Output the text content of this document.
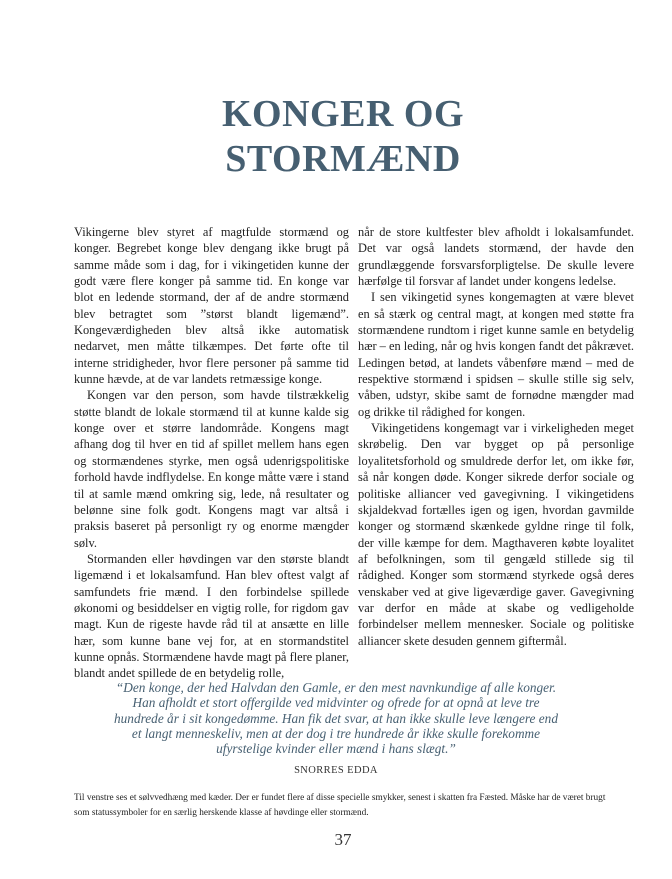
KONGER OG
STORMÆND

Vikingerne blev styret af magtfulde stormænd og konger. Begrebet konge blev dengang ikke brugt på samme måde som i dag, for i vikingetiden kunne der godt være flere konger på samme tid. En konge var blot en ledende stormand, der af de andre stormænd blev betragtet som ”størst blandt ligemænd”. Kongeværdigheden blev altså ikke automatisk nedarvet, men måtte tilkæmpes. Det førte ofte til interne stridigheder, hvor flere personer på samme tid kunne hævde, at de var landets retmæssige konge.

Kongen var den person, som havde tilstrækkelig støtte blandt de lokale stormænd til at kunne kalde sig konge over et større landområde. Kongens magt afhang dog til hver en tid af spillet mellem hans egen og stormændenes styrke, men også udenrigspolitiske forhold havde indflydelse. En konge måtte være i stand til at samle mænd omkring sig, lede, nå resultater og belønne sine folk godt. Kongens magt var altså i praksis baseret på personligt ry og enorme mængder sølv.

Stormanden eller høvdingen var den største blandt ligemænd i et lokalsamfund. Han blev oftest valgt af samfundets frie mænd. I den forbindelse spillede økonomi og besiddelser en vigtig rolle, for rigdom gav magt. Kun de rigeste havde råd til at ansætte en lille hær, som kunne bane vej for, at en stormandstitel kunne opnås. Stormændene havde magt på flere planer, blandt andet spillede de en betydelig rolle,

når de store kultfester blev afholdt i lokalsamfundet. Det var også landets stormænd, der havde den grundlæggende forsvarsforpligtelse. De skulle levere hærfølge til forsvar af landet under kongens ledelse.

I sen vikingetid synes kongemagten at være blevet en så stærk og central magt, at kongen med støtte fra stormændene rundtom i riget kunne samle en betydelig hær – en leding, når og hvis kongen fandt det påkrævet. Ledingen betød, at landets våbenføre mænd – med de respektive stormænd i spidsen – skulle stille sig selv, våben, udstyr, skibe samt de fornødne mængder mad og drikke til rådighed for kongen.

Vikingetidens kongemagt var i virkeligheden meget skrøbelig. Den var bygget op på personlige loyalitetsforhold og smuldrede derfor let, om ikke før, så når kongen døde. Konger sikrede derfor sociale og politiske alliancer ved gavegivning. I vikingetidens skjaldekvad fortælles igen og igen, hvordan gavmilde konger og stormænd skænkede gyldne ringe til folk, der ville kæmpe for dem. Magthaveren købte loyalitet af befolkningen, som til gengæld stillede sig til rådighed. Konger som stormænd styrkede også deres venskaber ved at give ligeværdige gaver. Gavegivning var derfor en måde at skabe og vedligeholde forbindelser mellem mennesker. Sociale og politiske alliancer skete desuden gennem giftermål.

“Den konge, der hed Halvdan den Gamle, er den mest navnkundige af alle konger. Han afholdt et stort offergilde ved midvinter og ofrede for at opnå at leve tre hundrede år i sit kongedømme. Han fik det svar, at han ikke skulle leve længere end et langt menneskeliv, men at der dog i tre hundrede år ikke skulle forekomme ufyrstelige kvinder eller mænd i hans slægt.”

SNORRES EDDA

Til venstre ses et sølvvedhæng med kæder. Der er fundet flere af disse specielle smykker, senest i skatten fra Fæsted. Måske har de været brugt som statussymboler for en særlig herskende klasse af høvdinge eller stormænd.

37
